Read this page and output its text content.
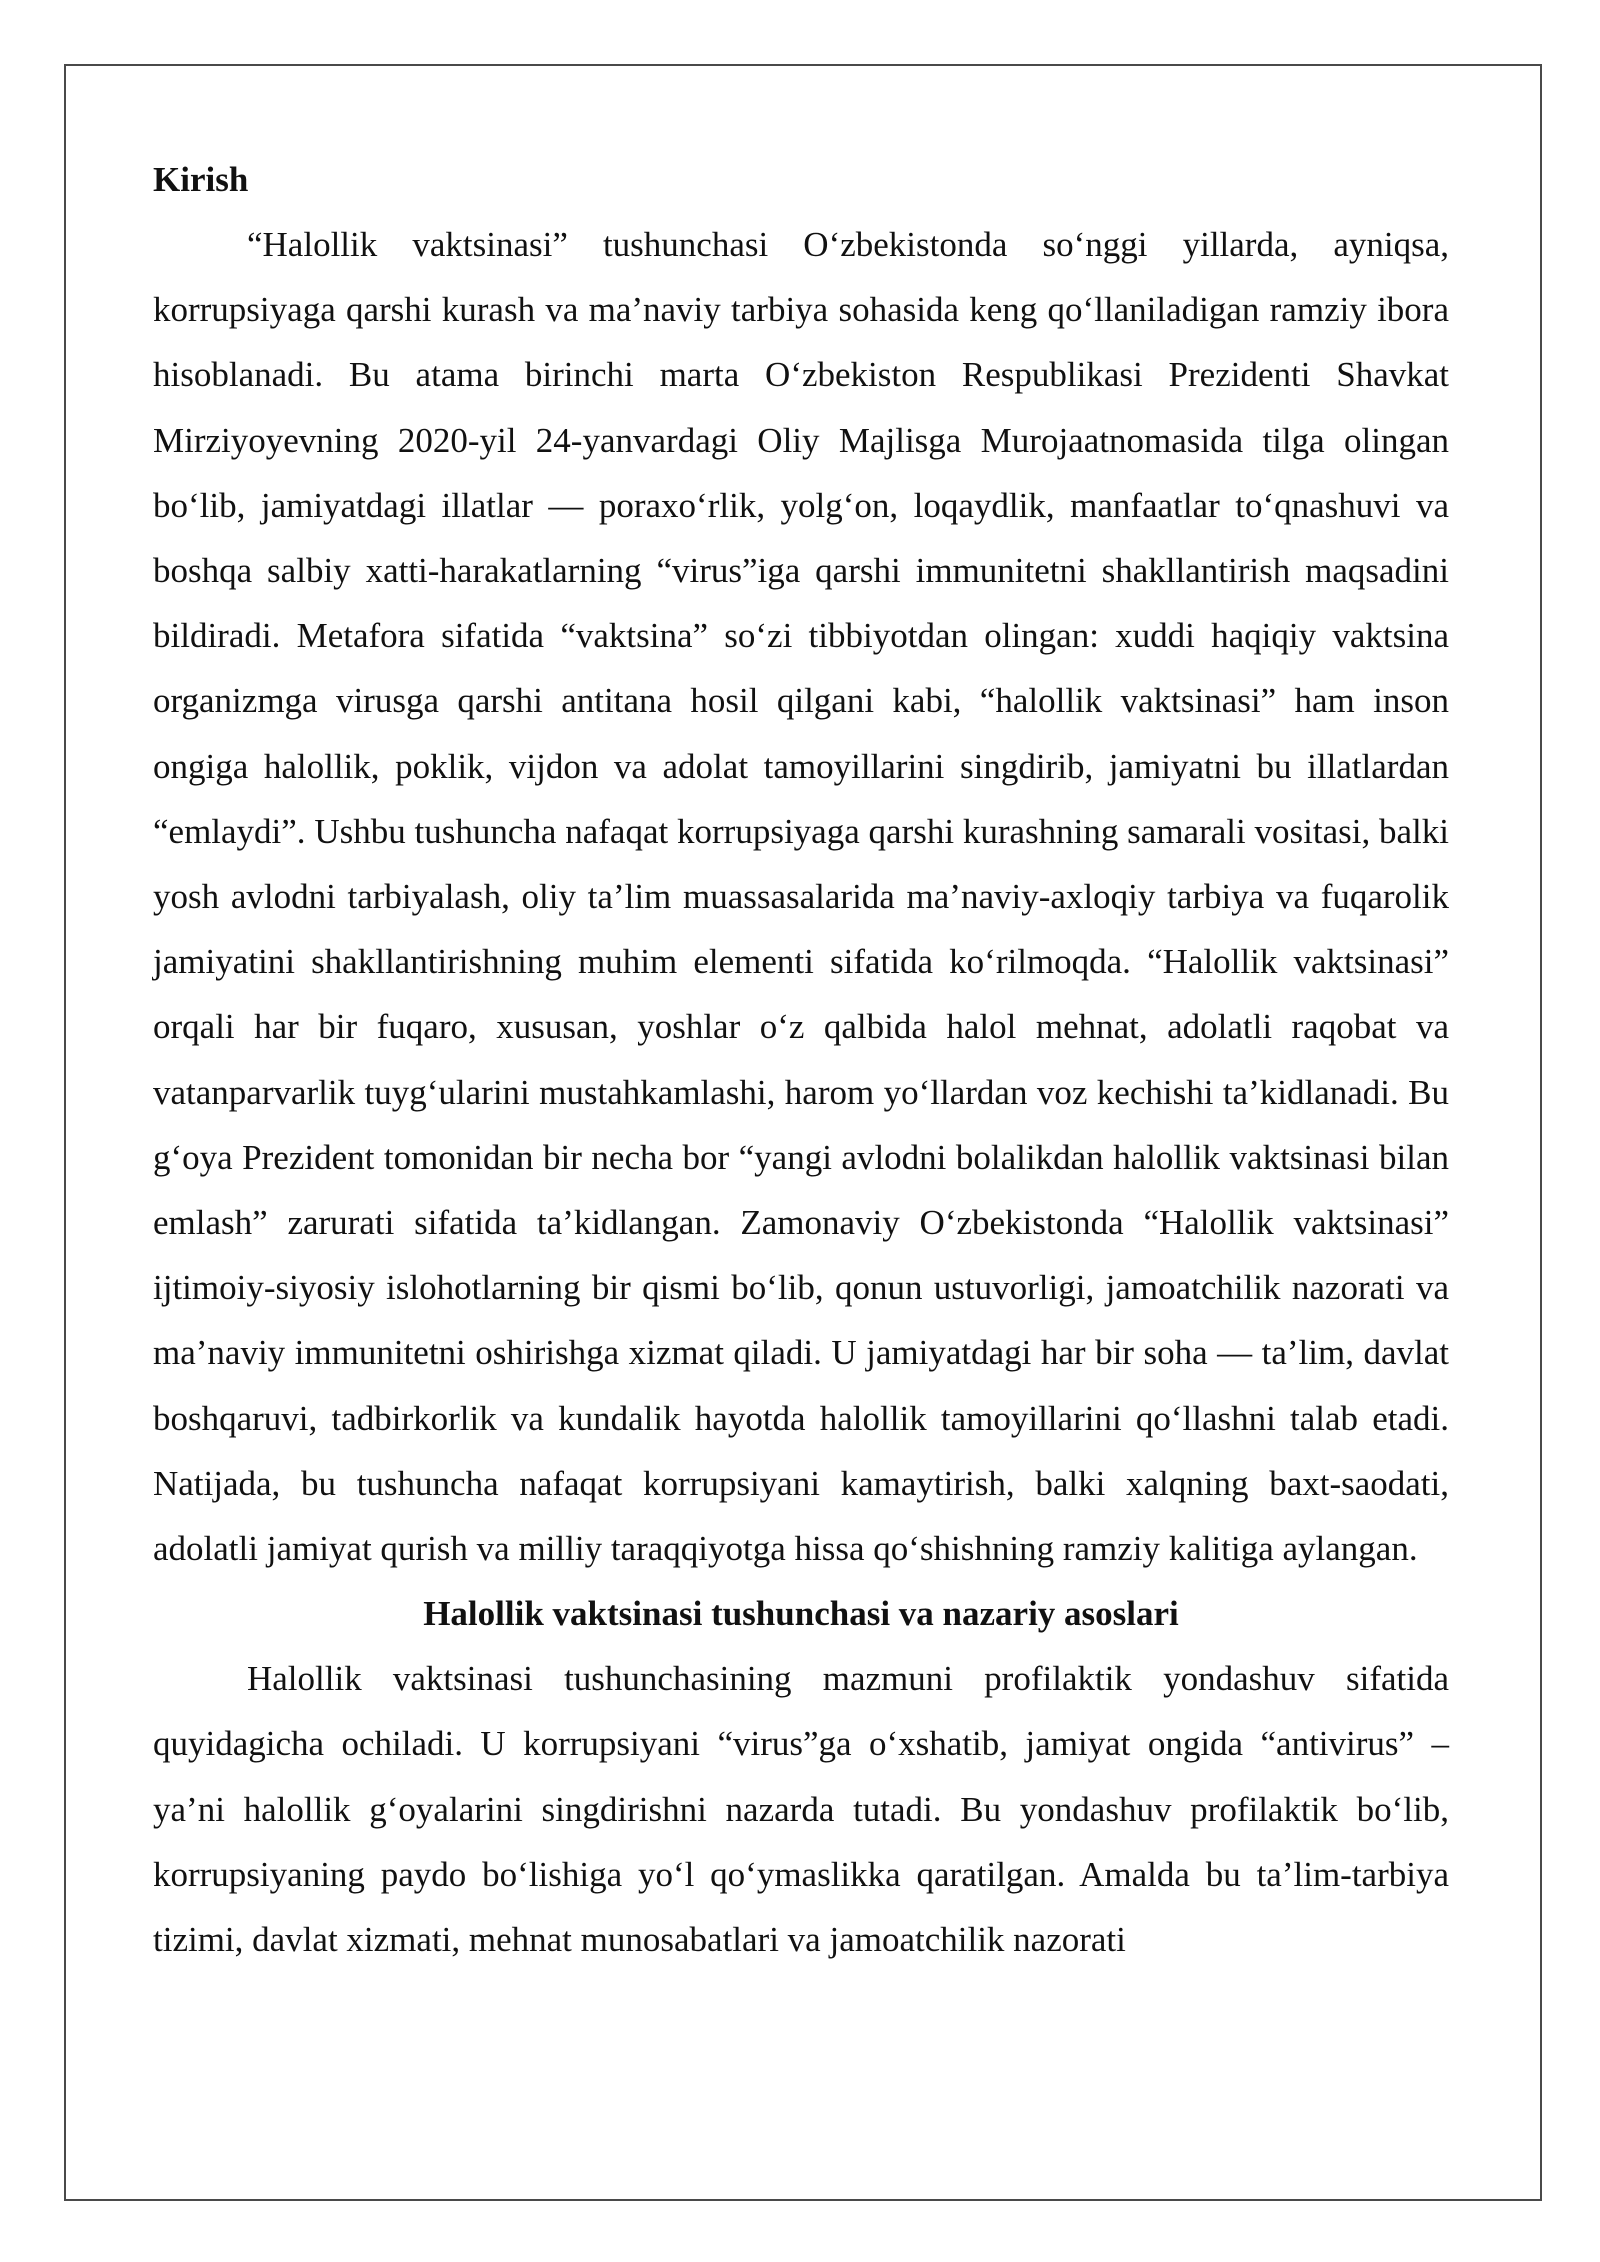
Kirish

“Halollik vaktsinasi” tushunchasi O‘zbekistonda so‘nggi yillarda, ayniqsa, korrupsiyaga qarshi kurash va ma’naviy tarbiya sohasida keng qo‘llaniladigan ramziy ibora hisoblanadi. Bu atama birinchi marta O‘zbekiston Respublikasi Prezidenti Shavkat Mirziyoyevning 2020-yil 24-yanvardagi Oliy Majlisga Murojaatnomasida tilga olingan bo‘lib, jamiyatdagi illatlar — poraxo‘rlik, yolg‘on, loqaydlik, manfaatlar to‘qnashuvi va boshqa salbiy xatti-harakatlarning “virus”iga qarshi immunitetni shakllantirish maqsadini bildiradi. Metafora sifatida “vaktsina” so‘zi tibbiyotdan olingan: xuddi haqiqiy vaktsina organizmga virusga qarshi antitana hosil qilgani kabi, “halollik vaktsinasi” ham inson ongiga halollik, poklik, vijdon va adolat tamoyillarini singdirib, jamiyatni bu illatlardan “emlaydi”. Ushbu tushuncha nafaqat korrupsiyaga qarshi kurashning samarali vositasi, balki yosh avlodni tarbiyalash, oliy ta’lim muassasalarida ma’naviy-axloqiy tarbiya va fuqarolik jamiyatini shakllantirishning muhim elementi sifatida ko‘rilmoqda. “Halollik vaktsinasi” orqali har bir fuqaro, xususan, yoshlar o‘z qalbida halol mehnat, adolatli raqobat va vatanparvarlik tuyg‘ularini mustahkamlashi, harom yo‘llardan voz kechishi ta’kidlanadi. Bu g‘oya Prezident tomonidan bir necha bor “yangi avlodni bolalikdan halollik vaktsinasi bilan emlash” zarurati sifatida ta’kidlangan. Zamonaviy O‘zbekistonda “Halollik vaktsinasi” ijtimoiy-siyosiy islohotlarning bir qismi bo‘lib, qonun ustuvorligi, jamoatchilik nazorati va ma’naviy immunitetni oshirishga xizmat qiladi. U jamiyatdagi har bir soha — ta’lim, davlat boshqaruvi, tadbirkorlik va kundalik hayotda halollik tamoyillarini qo‘llashni talab etadi. Natijada, bu tushuncha nafaqat korrupsiyani kamaytirish, balki xalqning baxt-saodati, adolatli jamiyat qurish va milliy taraqqiyotga hissa qo‘shishning ramziy kalitiga aylangan.

Halollik vaktsinasi tushunchasi va nazariy asoslari

Halollik vaktsinasi tushunchasining mazmuni profilaktik yondashuv sifatida quyidagicha ochiladi. U korrupsiyani “virus”ga o‘xshatib, jamiyat ongida “antivirus” – ya’ni halollik g‘oyalarini singdirishni nazarda tutadi. Bu yondashuv profilaktik bo‘lib, korrupsiyaning paydo bo‘lishiga yo‘l qo‘ymaslikka qaratilgan. Amalda bu ta’lim-tarbiya tizimi, davlat xizmati, mehnat munosabatlari va jamoatchilik nazorati
